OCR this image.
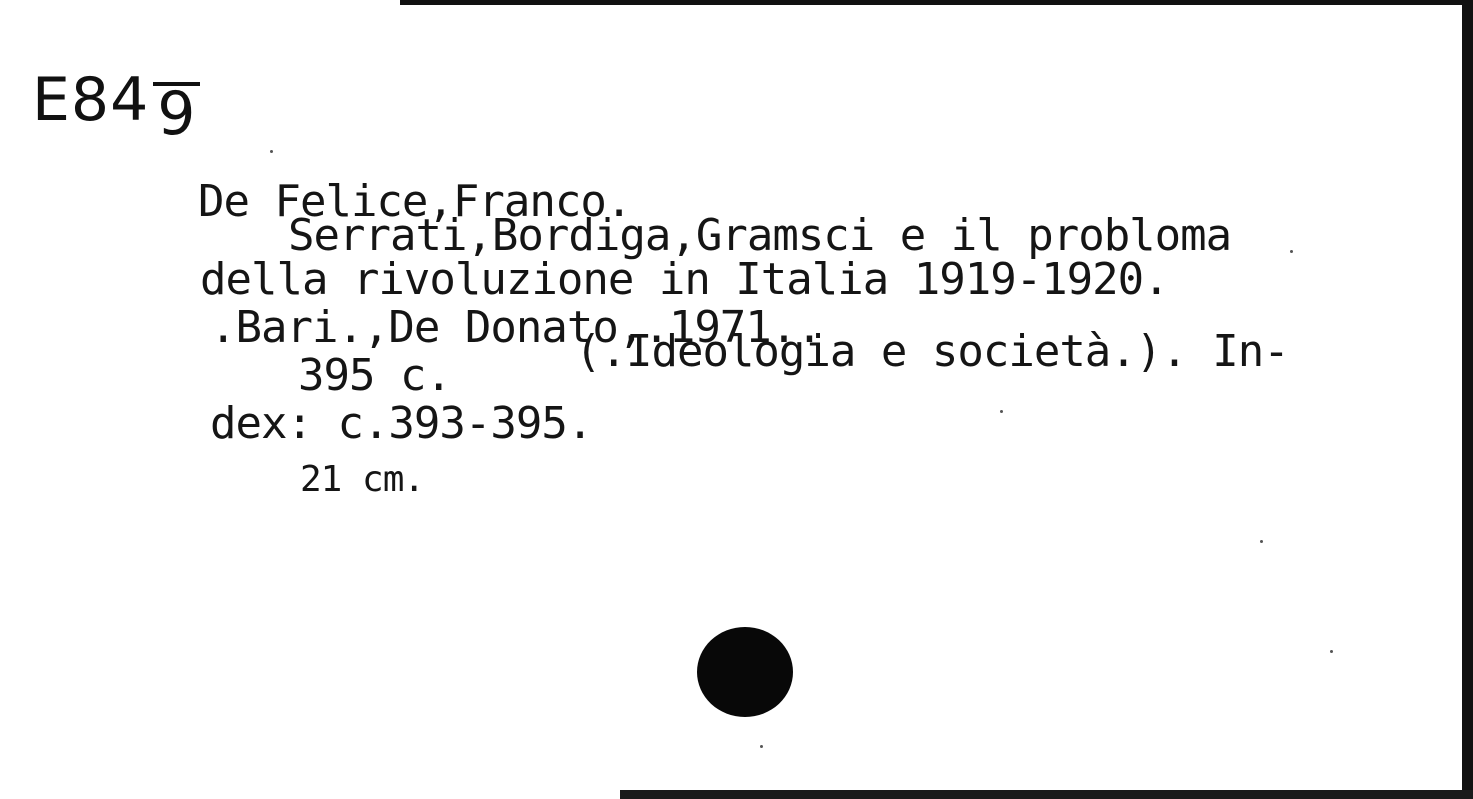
E84 9
De Felice,Franco.
Serrati,Bordiga,Gramsci e il probloma
della rivoluzione in Italia 1919-1920.
.Bari.,De Donato,.1971..
(.Ideologia e società.). In-
395 c.
dex: c.393-395.
21 cm.
